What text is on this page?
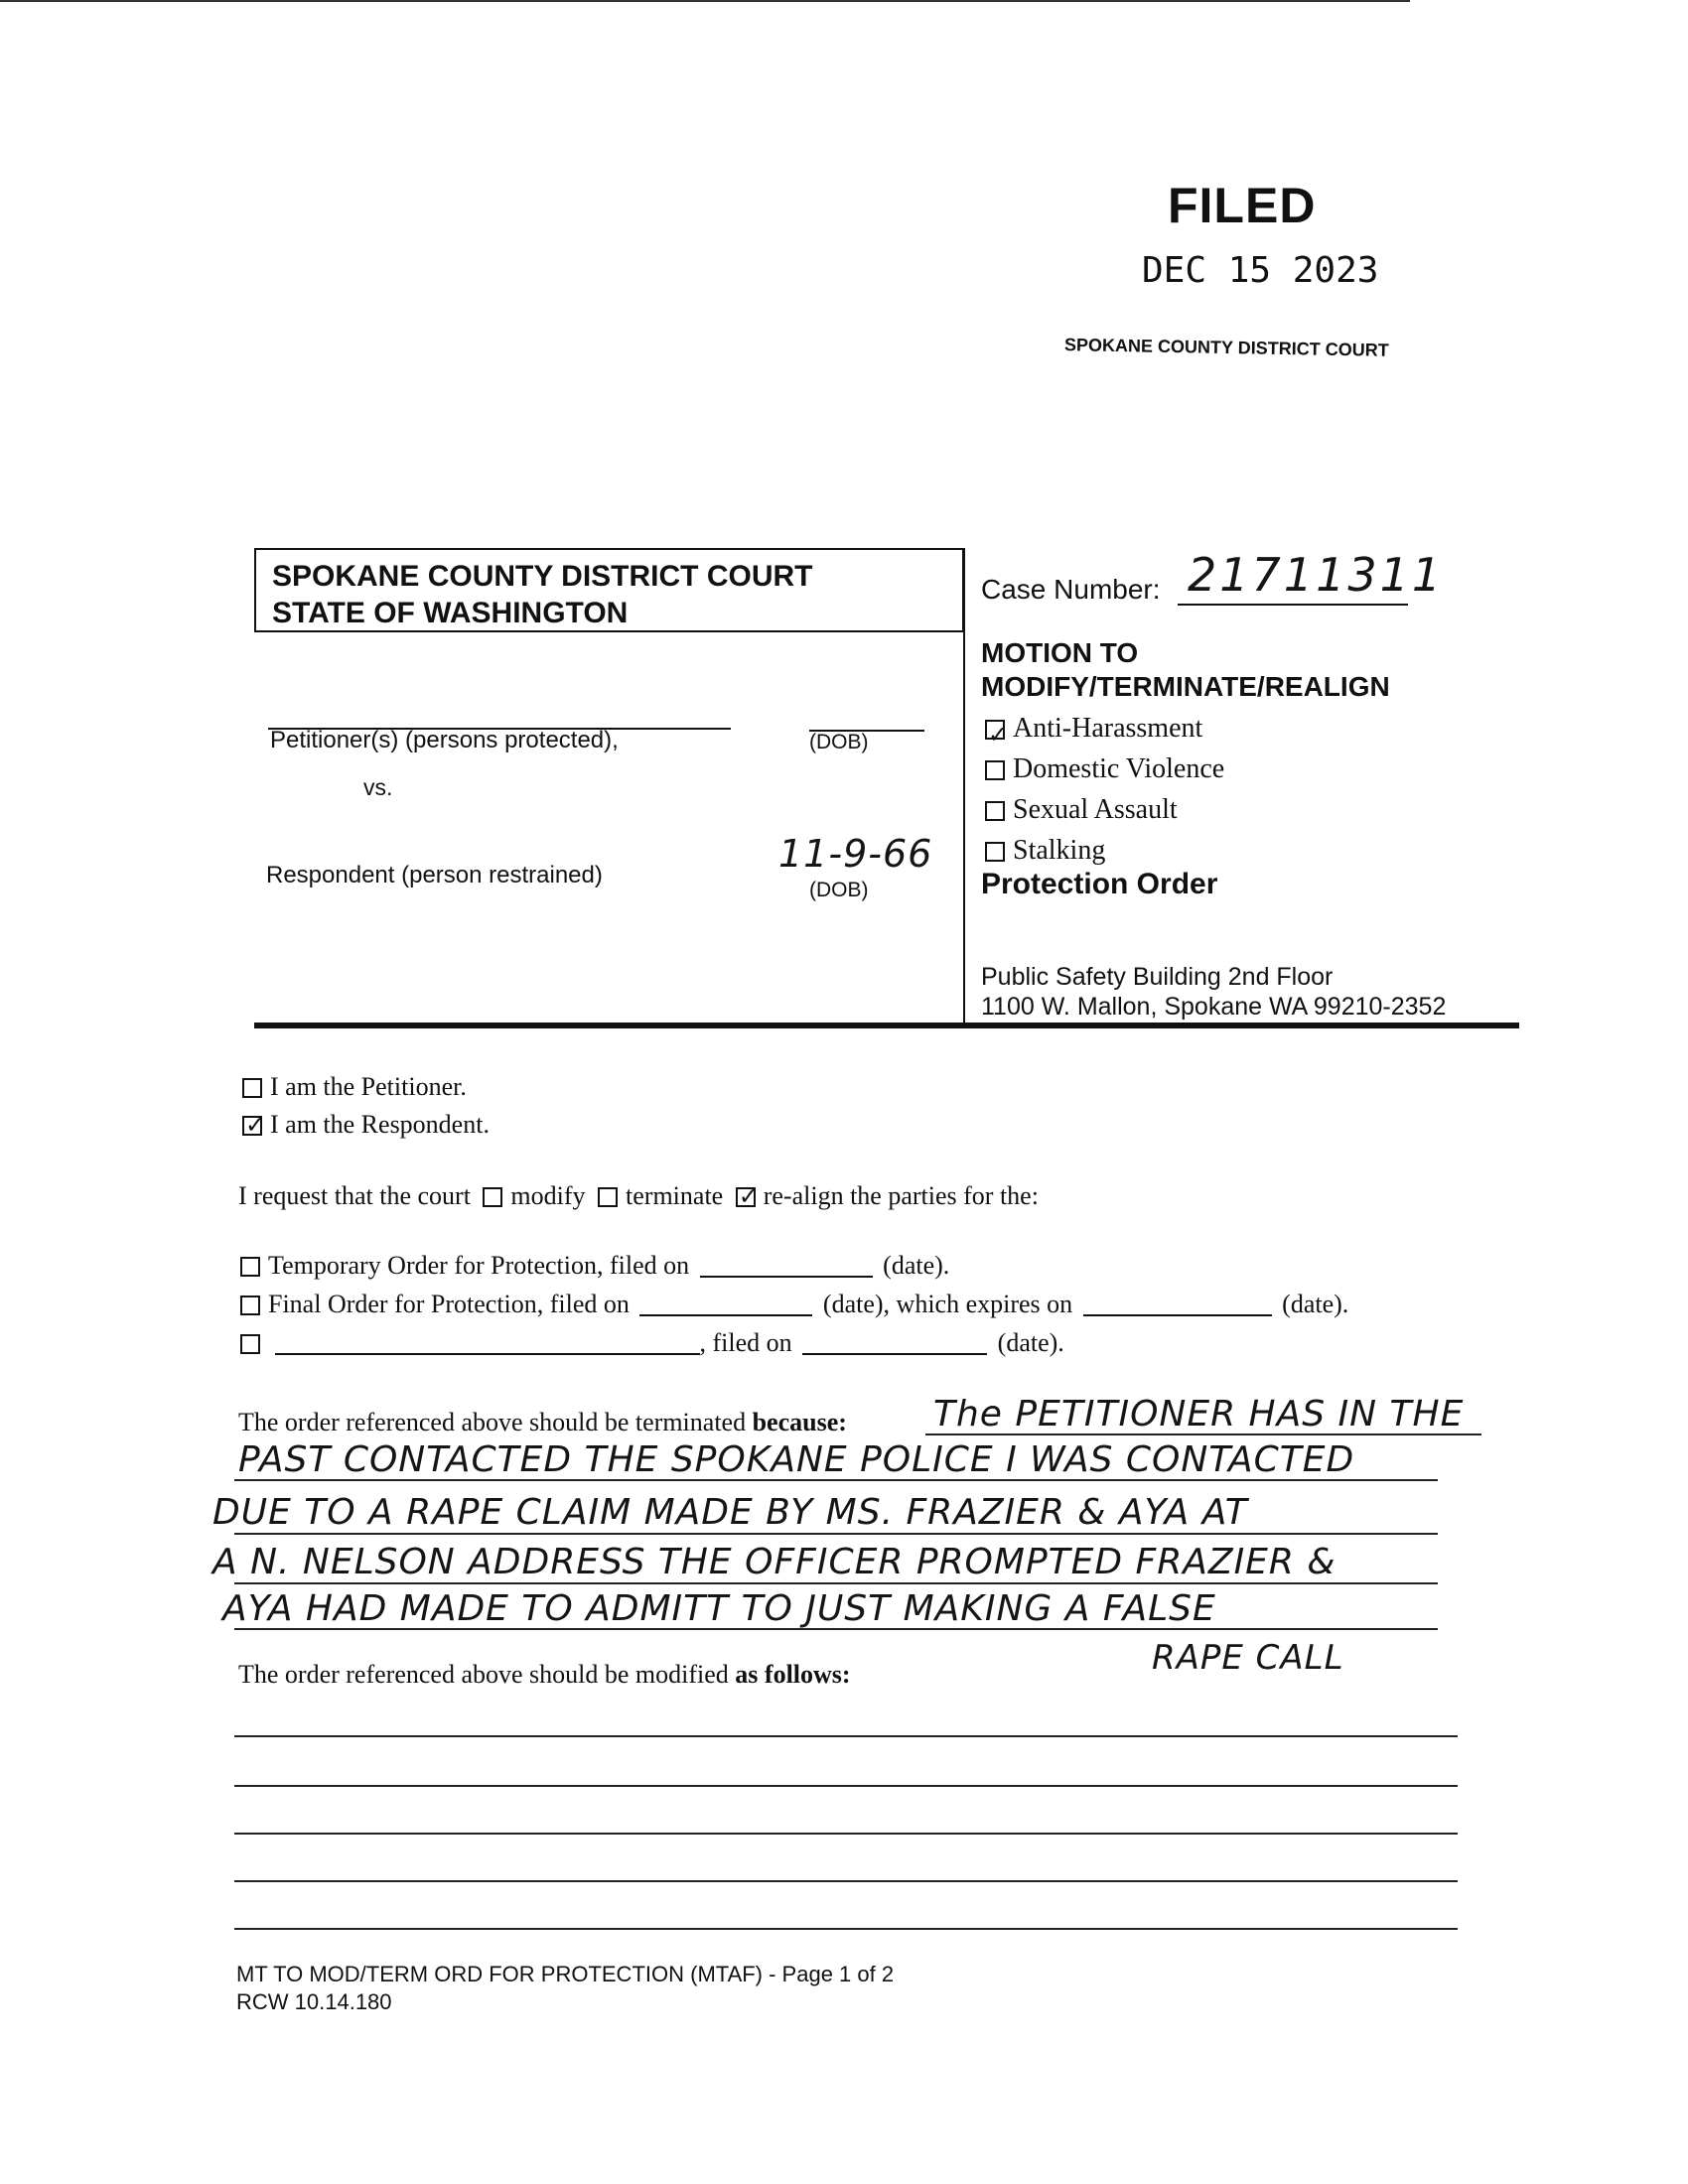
FILED
DEC 15 2023
SPOKANE COUNTY DISTRICT COURT
SPOKANE COUNTY DISTRICT COURT
STATE OF WASHINGTON
Petitioner(s) (persons protected),	(DOB)
vs.
Respondent (person restrained)	11-9-66
(DOB)
Case Number: 21711311
MOTION TO
MODIFY/TERMINATE/REALIGN
✓Anti-Harassment
Domestic Violence
Sexual Assault
Stalking
Protection Order
Public Safety Building 2nd Floor
1100 W. Mallon, Spokane WA 99210-2352
I am the Petitioner.
✓I am the Respondent.
I request that the court modify terminate ✓ re-align the parties for the:
Temporary Order for Protection, filed on	(date).
Final Order for Protection, filed on	(date), which expires on	(date).
, filed on	(date).
The order referenced above should be terminated because: The PETITIONER HAS IN THE
PAST CONTACTED THE SPOKANE POLICE I WAS CONTACTED
DUE TO A RAPE CLAIM MADE BY MS. FRAZIER & AYA AT
A N. NELSON ADDRESS THE OFFICER PROMPTED FRAZIER &
AYA HAD MADE TO ADMITT TO JUST MAKING A FALSE
RAPE CALL
The order referenced above should be modified as follows:
MT TO MOD/TERM ORD FOR PROTECTION (MTAF) - Page 1 of 2
RCW 10.14.180
